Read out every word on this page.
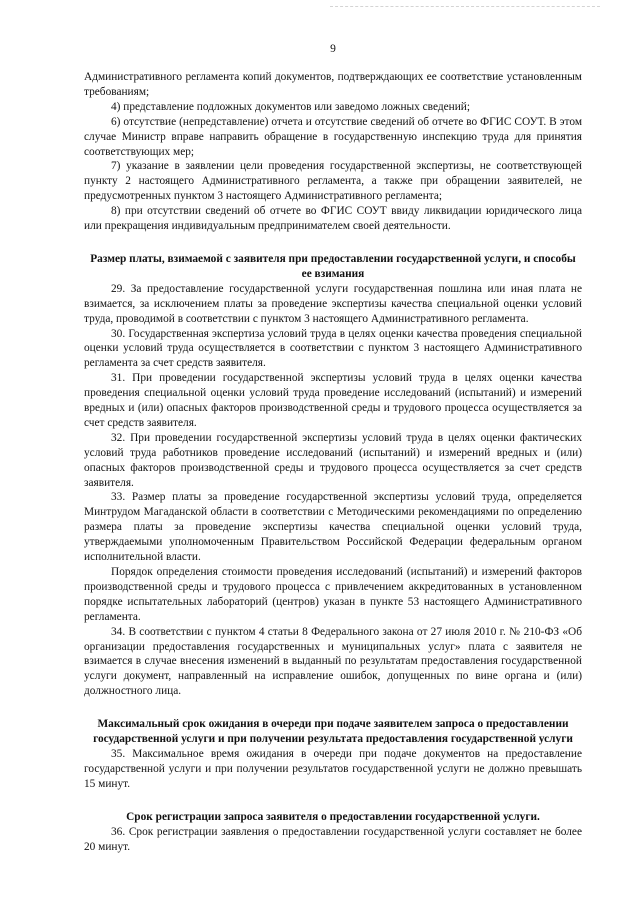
9

Административного регламента копий документов, подтверждающих ее соответствие установленным требованиям;

4) представление подложных документов или заведомо ложных сведений;

6) отсутствие (непредставление) отчета и отсутствие сведений об отчете во ФГИС СОУТ. В этом случае Министр вправе направить обращение в государственную инспекцию труда для принятия соответствующих мер;

7) указание в заявлении цели проведения государственной экспертизы, не соответствующей пункту 2 настоящего Административного регламента, а также при обращении заявителей, не предусмотренных пунктом 3 настоящего Административного регламента;

8) при отсутствии сведений об отчете во ФГИС СОУТ ввиду ликвидации юридического лица или прекращения индивидуальным предпринимателем своей деятельности.

Размер платы, взимаемой с заявителя при предоставлении государственной услуги, и способы ее взимания

29. За предоставление государственной услуги государственная пошлина или иная плата не взимается, за исключением платы за проведение экспертизы качества специальной оценки условий труда, проводимой в соответствии с пунктом 3 настоящего Административного регламента.

30. Государственная экспертиза условий труда в целях оценки качества проведения специальной оценки условий труда осуществляется в соответствии с пунктом 3 настоящего Административного регламента за счет средств заявителя.

31. При проведении государственной экспертизы условий труда в целях оценки качества проведения специальной оценки условий труда проведение исследований (испытаний) и измерений вредных и (или) опасных факторов производственной среды и трудового процесса осуществляется за счет средств заявителя.

32. При проведении государственной экспертизы условий труда в целях оценки фактических условий труда работников проведение исследований (испытаний) и измерений вредных и (или) опасных факторов производственной среды и трудового процесса осуществляется за счет средств заявителя.

33. Размер платы за проведение государственной экспертизы условий труда, определяется Минтрудом Магаданской области в соответствии с Методическими рекомендациями по определению размера платы за проведение экспертизы качества специальной оценки условий труда, утверждаемыми уполномоченным Правительством Российской Федерации федеральным органом исполнительной власти.

Порядок определения стоимости проведения исследований (испытаний) и измерений факторов производственной среды и трудового процесса с привлечением аккредитованных в установленном порядке испытательных лабораторий (центров) указан в пункте 53 настоящего Административного регламента.

34. В соответствии с пунктом 4 статьи 8 Федерального закона от 27 июля 2010 г. № 210-ФЗ «Об организации предоставления государственных и муниципальных услуг» плата с заявителя не взимается в случае внесения изменений в выданный по результатам предоставления государственной услуги документ, направленный на исправление ошибок, допущенных по вине органа и (или) должностного лица.

Максимальный срок ожидания в очереди при подаче заявителем запроса о предоставлении государственной услуги и при получении результата предоставления государственной услуги

35. Максимальное время ожидания в очереди при подаче документов на предоставление государственной услуги и при получении результатов государственной услуги не должно превышать 15 минут.

Срок регистрации запроса заявителя о предоставлении государственной услуги.

36. Срок регистрации заявления о предоставлении государственной услуги составляет не более 20 минут.
